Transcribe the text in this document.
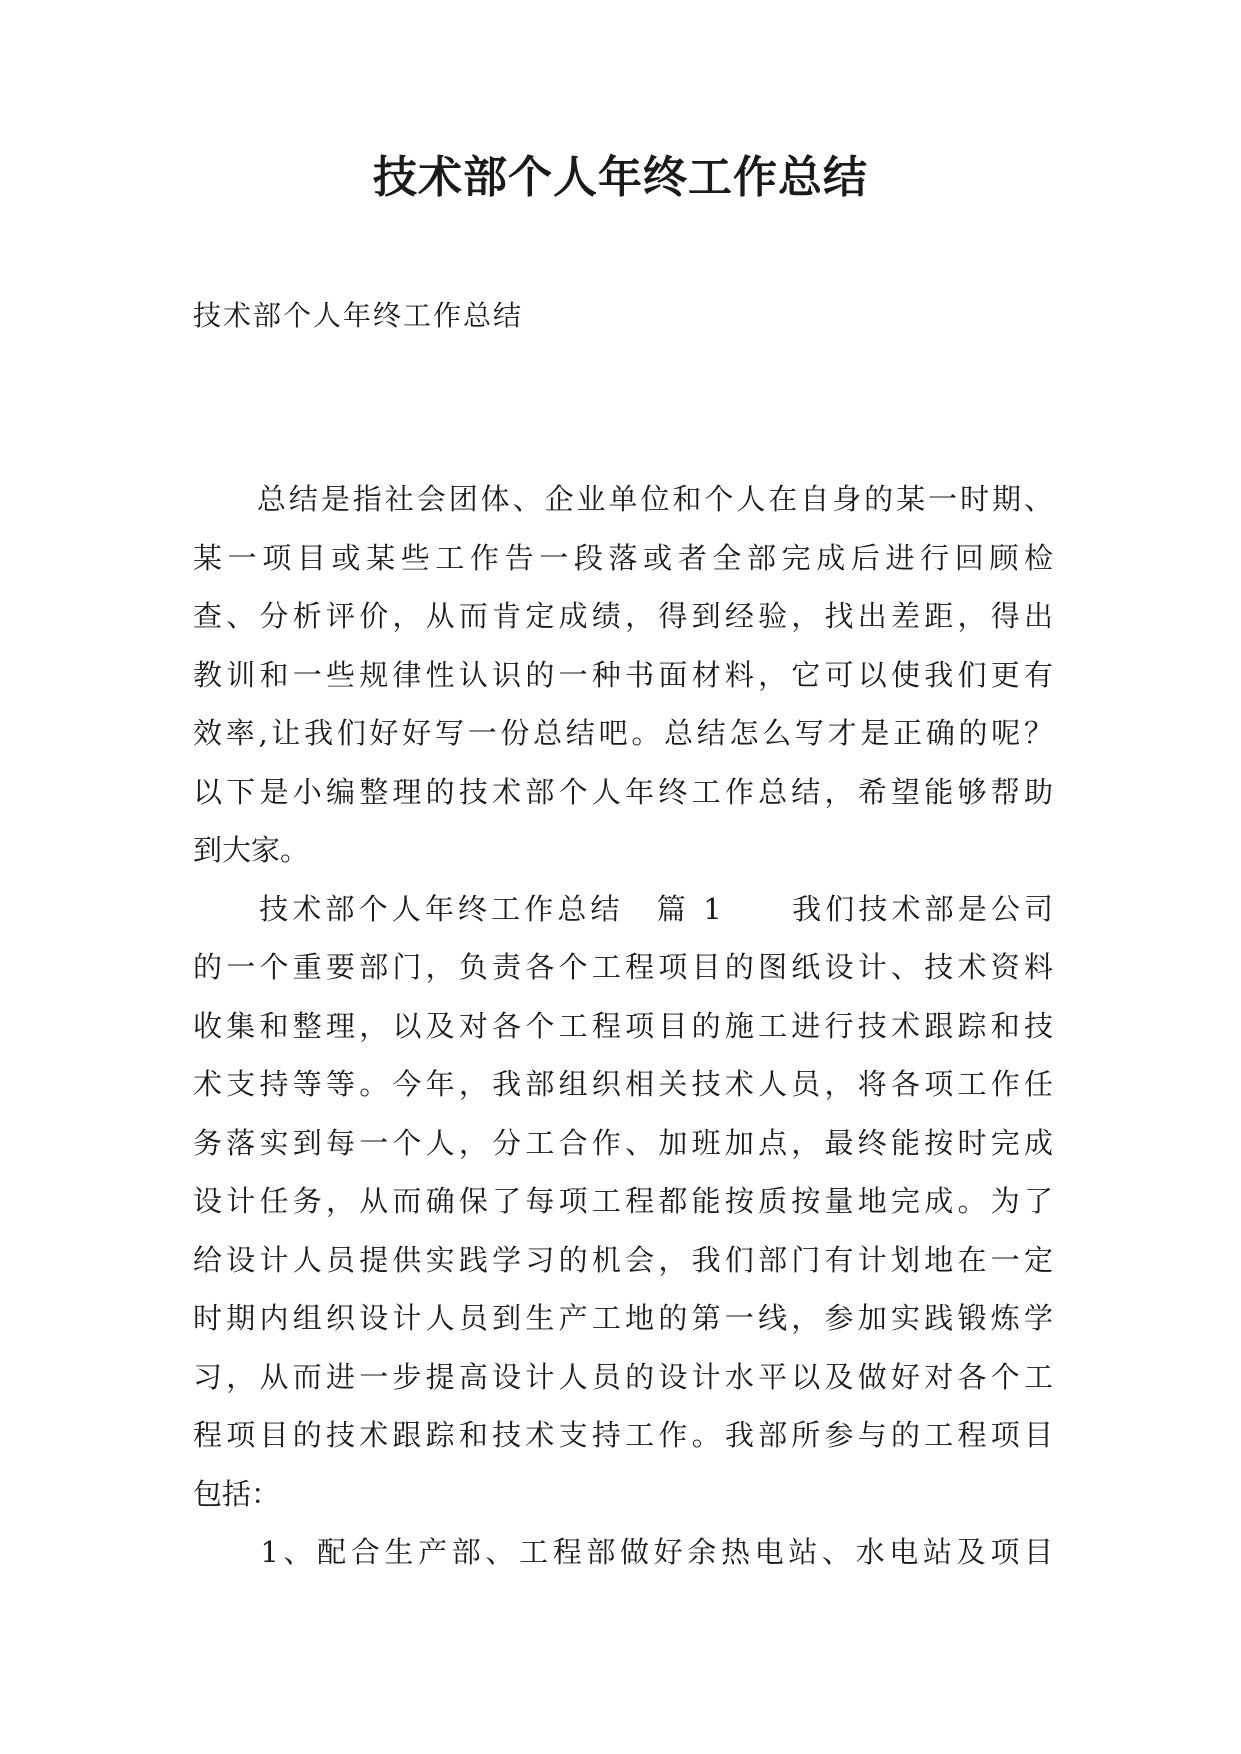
技术部个人年终工作总结

技术部个人年终工作总结

　　总结是指社会团体、企业单位和个人在自身的某一时期、
某一项目或某些工作告一段落或者全部完成后进行回顾检
查、分析评价，从而肯定成绩，得到经验，找出差距，得出
教训和一些规律性认识的一种书面材料，它可以使我们更有
效率,让我们好好写一份总结吧。总结怎么写才是正确的呢？
以下是小编整理的技术部个人年终工作总结，希望能够帮助
到大家。
　　技术部个人年终工作总结　篇 1　　我们技术部是公司
的一个重要部门，负责各个工程项目的图纸设计、技术资料
收集和整理，以及对各个工程项目的施工进行技术跟踪和技
术支持等等。今年，我部组织相关技术人员，将各项工作任
务落实到每一个人，分工合作、加班加点，最终能按时完成
设计任务，从而确保了每项工程都能按质按量地完成。为了
给设计人员提供实践学习的机会，我们部门有计划地在一定
时期内组织设计人员到生产工地的第一线，参加实践锻炼学
习，从而进一步提高设计人员的设计水平以及做好对各个工
程项目的技术跟踪和技术支持工作。我部所参与的工程项目
包括：
　　1、配合生产部、工程部做好余热电站、水电站及项目
